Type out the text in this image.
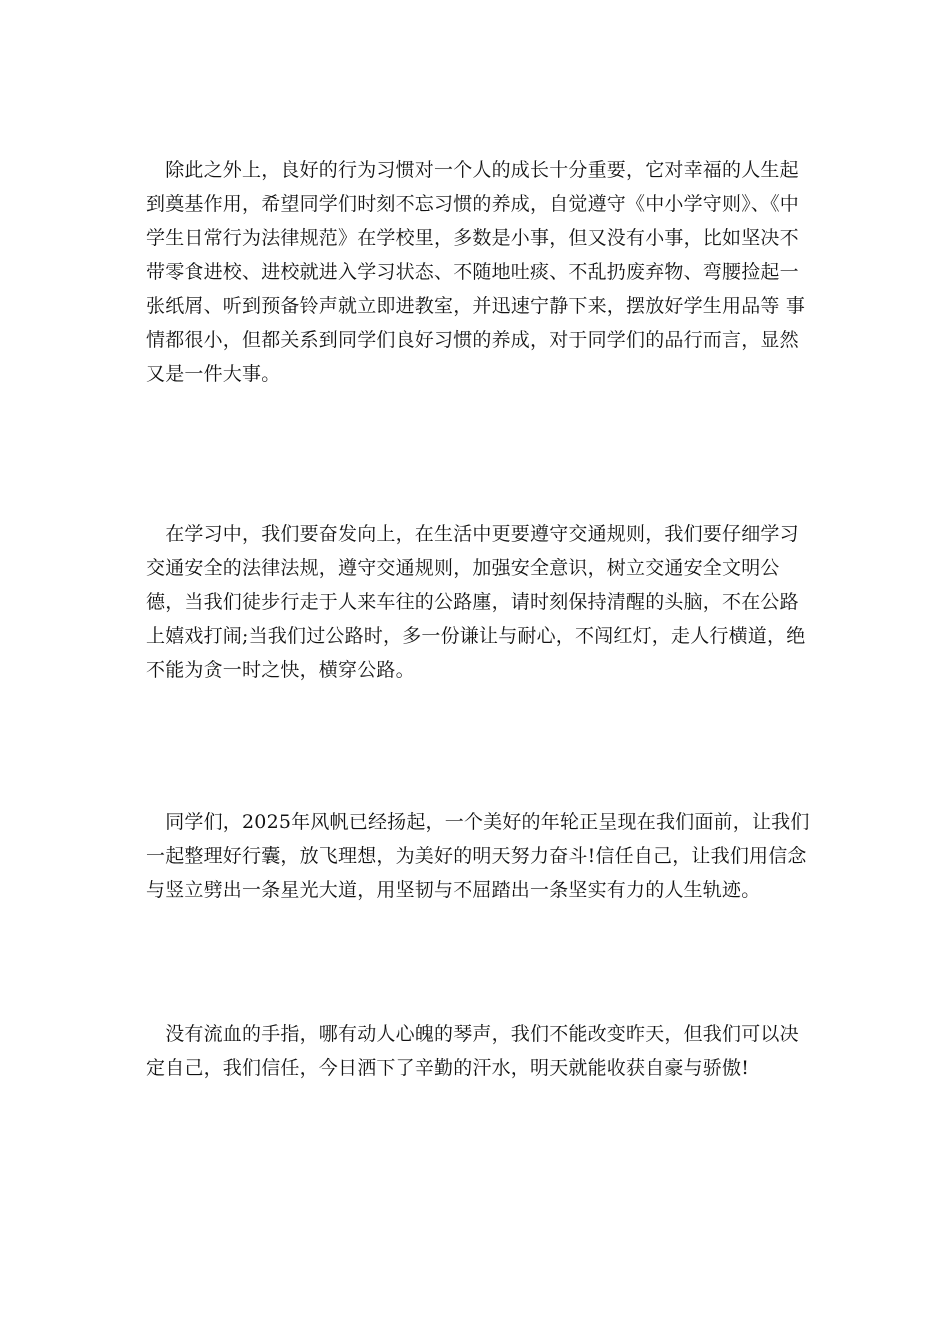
　除此之外上，良好的行为习惯对一个人的成长十分重要，它对幸福的人生起到奠基作用，希望同学们时刻不忘习惯的养成，自觉遵守《中小学守则》、《中学生日常行为法律规范》在学校里，多数是小事，但又没有小事，比如坚决不带零食进校、进校就进入学习状态、不随地吐痰、不乱扔废弃物、弯腰捡起一张纸屑、听到预备铃声就立即进教室，并迅速宁静下来，摆放好学生用品等 事情都很小，但都关系到同学们良好习惯的养成，对于同学们的品行而言，显然又是一件大事。

　在学习中，我们要奋发向上，在生活中更要遵守交通规则，我们要仔细学习交通安全的法律法规，遵守交通规则，加强安全意识，树立交通安全文明公德，当我们徒步行走于人来车往的公路廛，请时刻保持清醒的头脑，不在公路上嬉戏打闹;当我们过公路时，多一份谦让与耐心，不闯红灯，走人行横道，绝不能为贪一时之快，横穿公路。

　同学们，2025年风帆已经扬起，一个美好的年轮正呈现在我们面前，让我们一起整理好行囊，放飞理想，为美好的明天努力奋斗!信任自己，让我们用信念与竖立劈出一条星光大道，用坚韧与不屈踏出一条坚实有力的人生轨迹。

　没有流血的手指，哪有动人心魄的琴声，我们不能改变昨天，但我们可以决定自己，我们信任，今日洒下了辛勤的汗水，明天就能收获自豪与骄傲!
